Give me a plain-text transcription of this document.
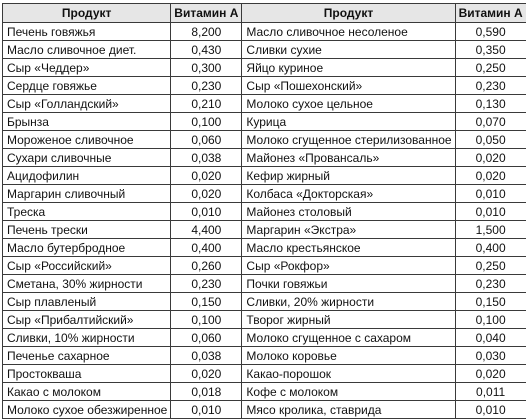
Продукт	Витамин А	Продукт	Витамин А
Печень говяжья	8,200	Масло сливочное несоленое	0,590
Масло сливочное диет.	0,430	Сливки сухие	0,350
Сыр «Чеддер»	0,300	Яйцо куриное	0,250
Сердце говяжье	0,230	Сыр «Пошехонский»	0,230
Сыр «Голландский»	0,210	Молоко сухое цельное	0,130
Брынза	0,100	Курица	0,070
Мороженое сливочное	0,060	Молоко сгущенное стерилизованное	0,050
Сухари сливочные	0,038	Майонез «Провансаль»	0,020
Ацидофилин	0,020	Кефир жирный	0,020
Маргарин сливочный	0,020	Колбаса «Докторская»	0,010
Треска	0,010	Майонез столовый	0,010
Печень трески	4,400	Маргарин «Экстра»	1,500
Масло бутербродное	0,400	Масло крестьянское	0,400
Сыр «Российский»	0,260	Сыр «Рокфор»	0,250
Сметана, 30% жирности	0,230	Почки говяжьи	0,230
Сыр плавленый	0,150	Сливки, 20% жирности	0,150
Сыр «Прибалтийский»	0,100	Творог жирный	0,100
Сливки, 10% жирности	0,060	Молоко сгущенное с сахаром	0,040
Печенье сахарное	0,038	Молоко коровье	0,030
Простокваша	0,020	Какао-порошок	0,020
Какао с молоком	0,018	Кофе с молоком	0,011
Молоко сухое обезжиренное	0,010	Мясо кролика, ставрида	0,010
